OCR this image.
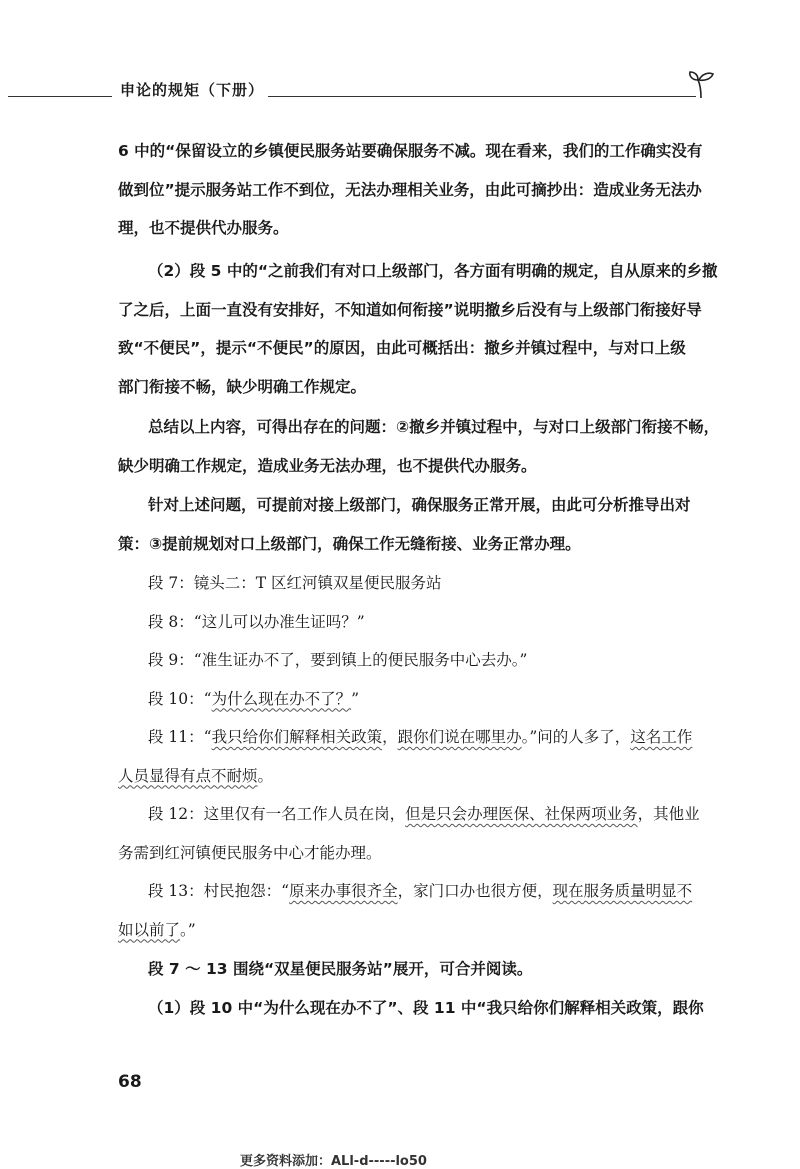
申论的规矩（下册）
6 中的“保留设立的乡镇便民服务站要确保服务不减。现在看来，我们的工作确实没有
做到位”提示服务站工作不到位，无法办理相关业务，由此可摘抄出：造成业务无法办
理，也不提供代办服务。
（2）段 5 中的“之前我们有对口上级部门，各方面有明确的规定，自从原来的乡撤
了之后，上面一直没有安排好，不知道如何衔接”说明撤乡后没有与上级部门衔接好导
致“不便民”，提示“不便民”的原因，由此可概括出：撤乡并镇过程中，与对口上级
部门衔接不畅，缺少明确工作规定。
总结以上内容，可得出存在的问题：②撤乡并镇过程中，与对口上级部门衔接不畅，
缺少明确工作规定，造成业务无法办理，也不提供代办服务。
针对上述问题，可提前对接上级部门，确保服务正常开展，由此可分析推导出对
策：③提前规划对口上级部门，确保工作无缝衔接、业务正常办理。
段 7：镜头二：T 区红河镇双星便民服务站
段 8：“这儿可以办准生证吗？”
段 9：“准生证办不了，要到镇上的便民服务中心去办。”
段 10：“为什么现在办不了？”
段 11：“我只给你们解释相关政策，跟你们说在哪里办。”问的人多了，这名工作
人员显得有点不耐烦。
段 12：这里仅有一名工作人员在岗，但是只会办理医保、社保两项业务，其他业
务需到红河镇便民服务中心才能办理。
段 13：村民抱怨：“原来办事很齐全，家门口办也很方便，现在服务质量明显不
如以前了。”
段 7 ～ 13 围绕“双星便民服务站”展开，可合并阅读。
（1）段 10 中“为什么现在办不了”、段 11 中“我只给你们解释相关政策，跟你
68
更多资料添加：ALl-d-----lo50
